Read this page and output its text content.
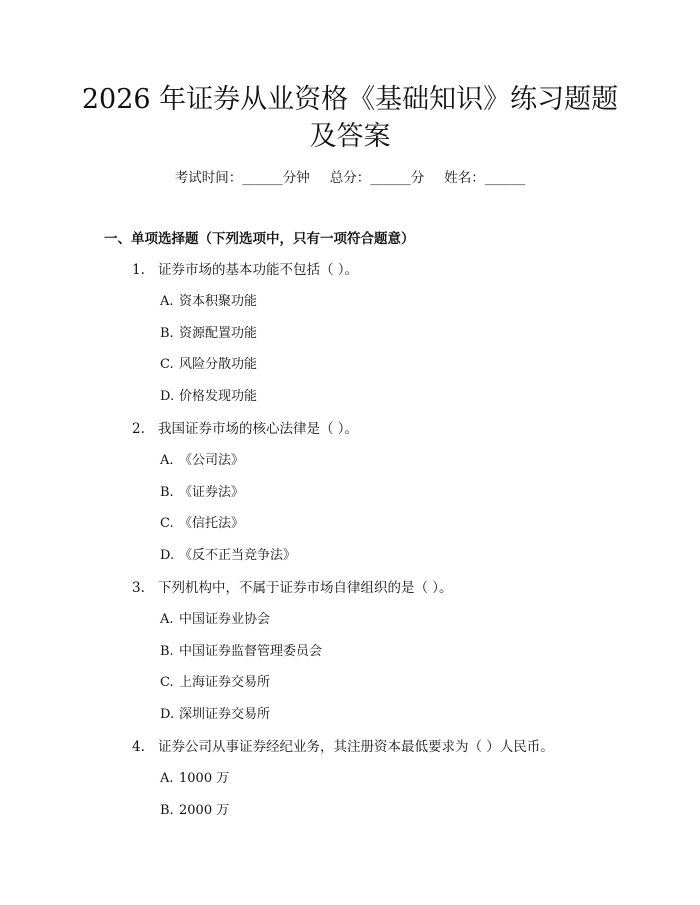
2026 年证券从业资格《基础知识》练习题题
及答案
考试时间：______分钟 总分：______分 姓名：______
一、单项选择题（下列选项中，只有一项符合题意）
1. 证券市场的基本功能不包括（ ）。
A. 资本积聚功能
B. 资源配置功能
C. 风险分散功能
D. 价格发现功能
2. 我国证券市场的核心法律是（ ）。
A. 《公司法》
B. 《证券法》
C. 《信托法》
D. 《反不正当竞争法》
3. 下列机构中，不属于证券市场自律组织的是（ ）。
A. 中国证券业协会
B. 中国证券监督管理委员会
C. 上海证券交易所
D. 深圳证券交易所
4. 证券公司从事证券经纪业务，其注册资本最低要求为（ ）人民币。
A. 1000 万
B. 2000 万
